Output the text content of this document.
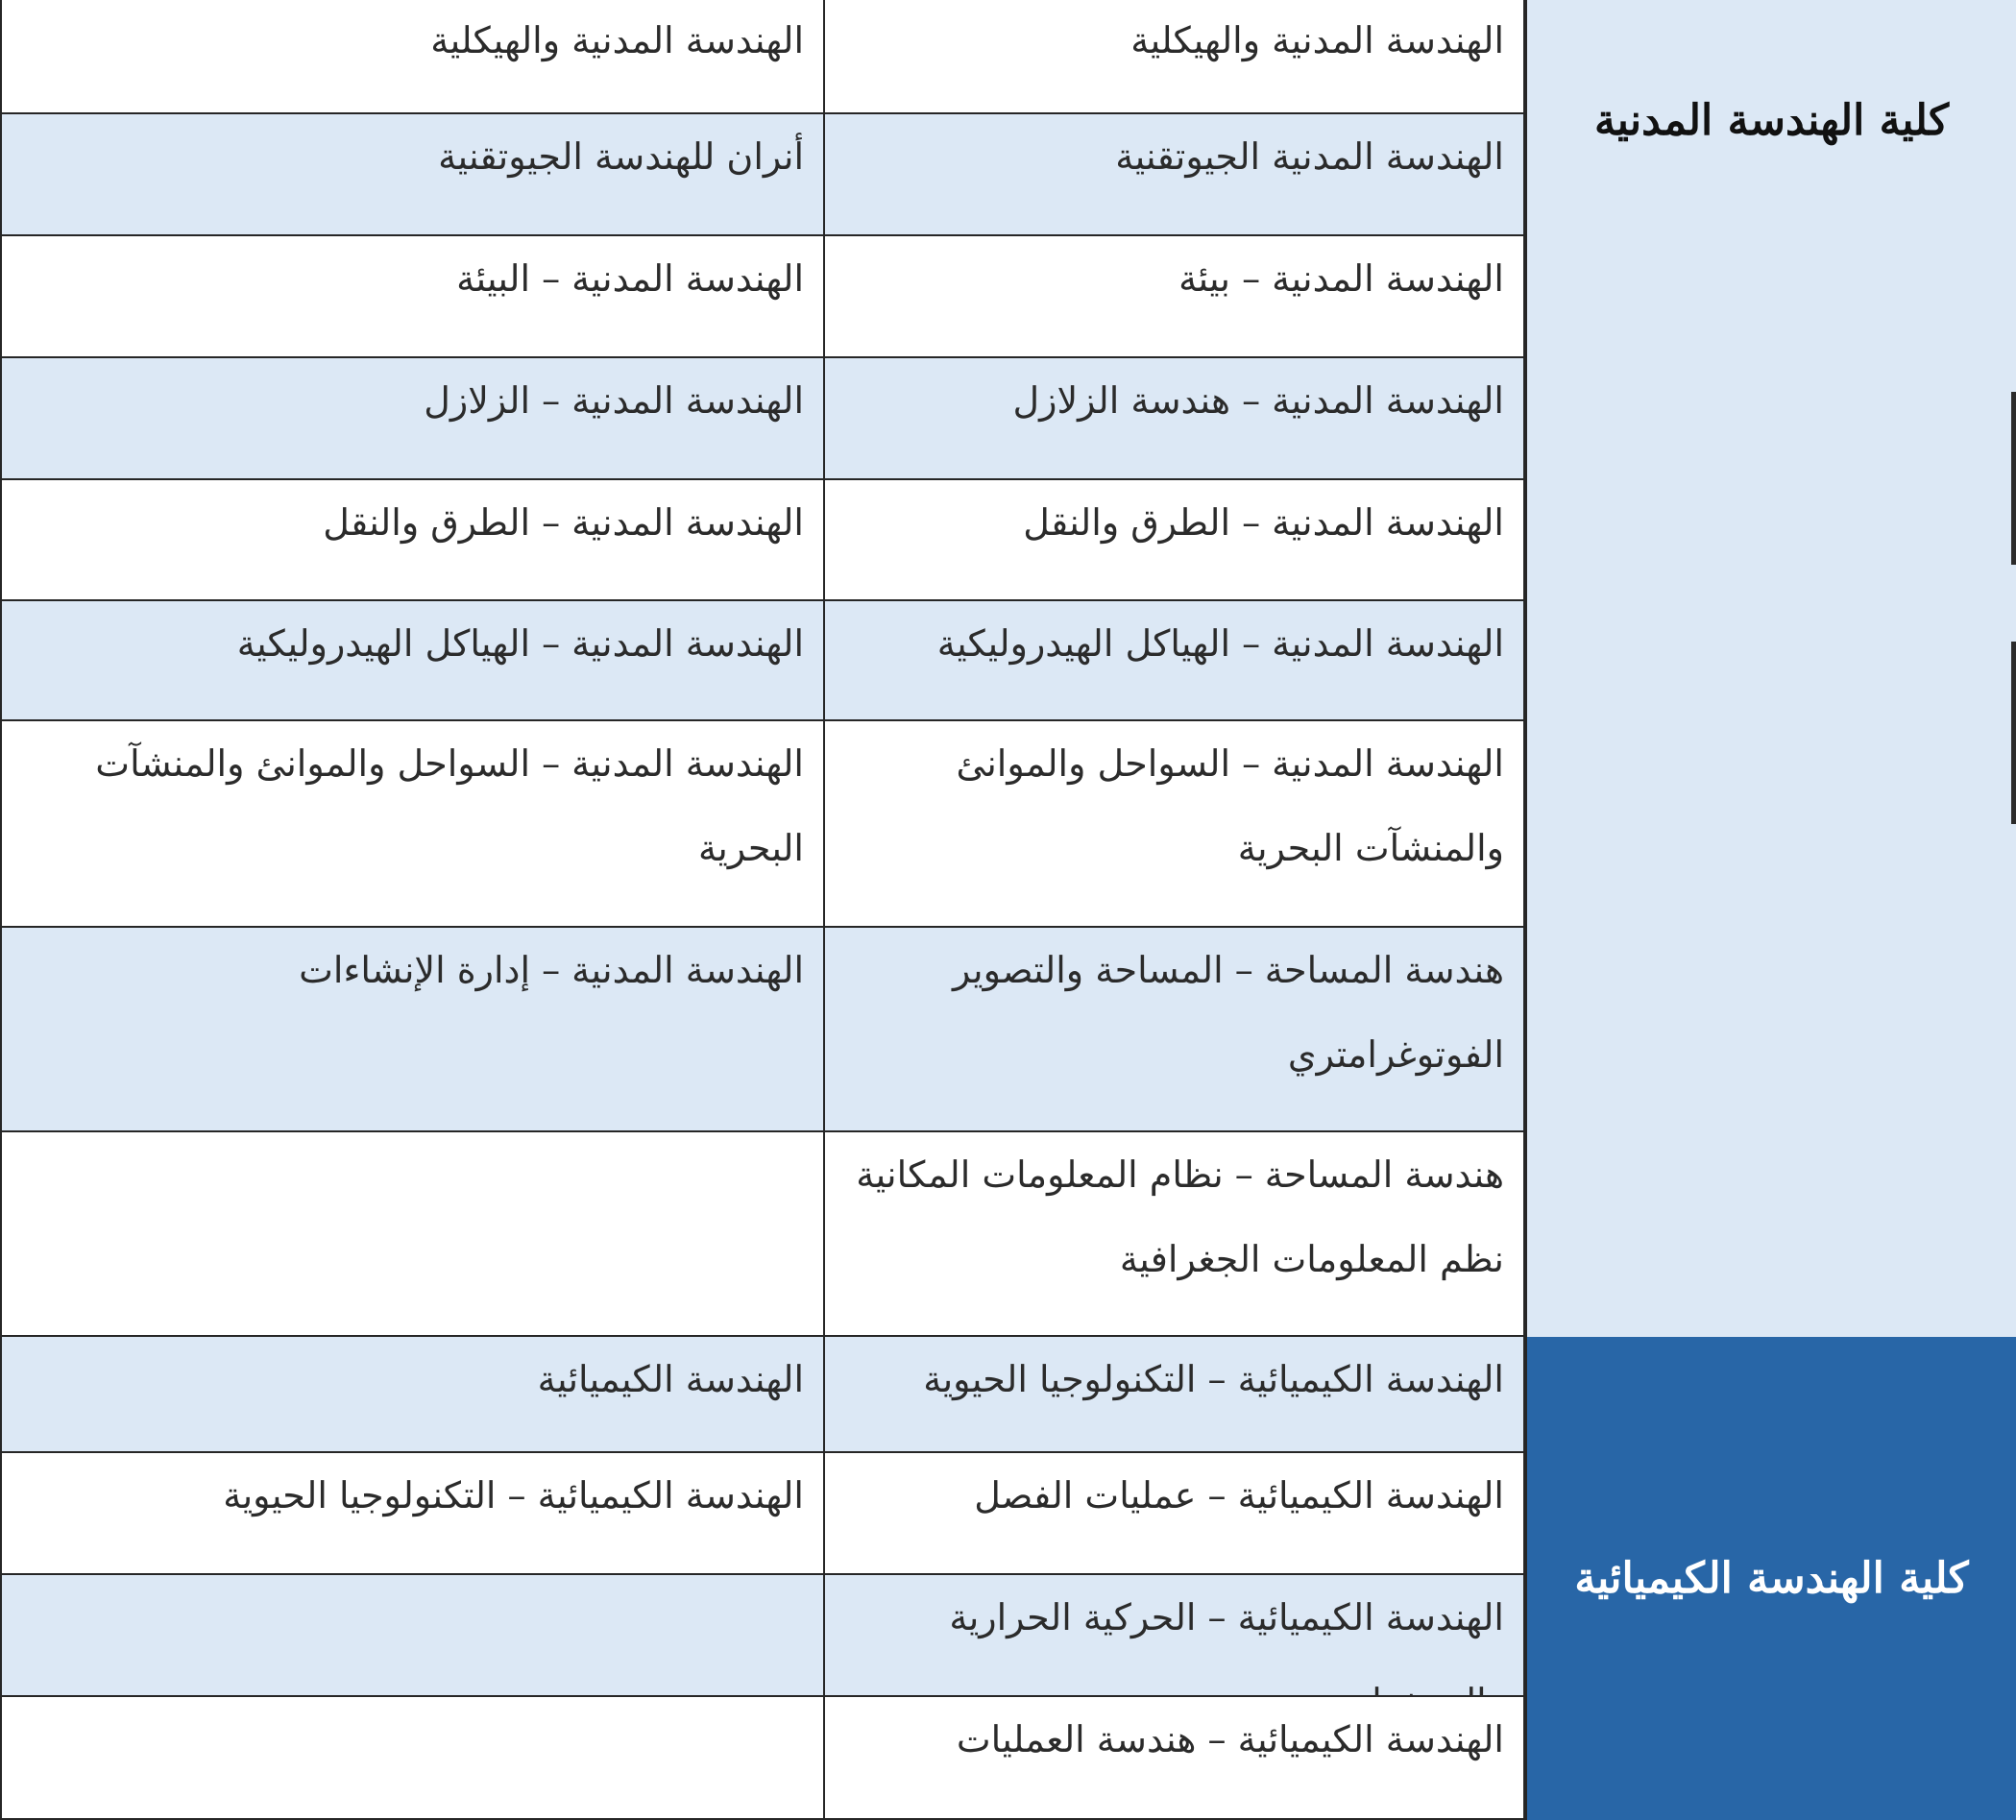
كلية الهندسة المدنية
كلية الهندسة الكيميائية
الهندسة المدنية والهيكلية
الهندسة المدنية والهيكلية
الهندسة المدنية الجيوتقنية
أنران للهندسة الجيوتقنية
الهندسة المدنية – بيئة
الهندسة المدنية – البيئة
الهندسة المدنية – هندسة الزلازل
الهندسة المدنية – الزلازل
الهندسة المدنية – الطرق والنقل
الهندسة المدنية – الطرق والنقل
الهندسة المدنية – الهياكل الهيدروليكية
الهندسة المدنية – الهياكل الهيدروليكية
الهندسة المدنية – السواحل والموانئ والمنشآت البحرية
الهندسة المدنية – السواحل والموانئ والمنشآت البحرية
هندسة المساحة – المساحة والتصوير الفوتوغرامتري
الهندسة المدنية – إدارة الإنشاءات
هندسة المساحة – نظام المعلومات المكانية نظم المعلومات الجغرافية
الهندسة الكيميائية – التكنولوجيا الحيوية
الهندسة الكيميائية
الهندسة الكيميائية – عمليات الفصل
الهندسة الكيميائية – التكنولوجيا الحيوية
الهندسة الكيميائية – الحركية الحرارية
الهندسة الكيميائية – هندسة العمليات
